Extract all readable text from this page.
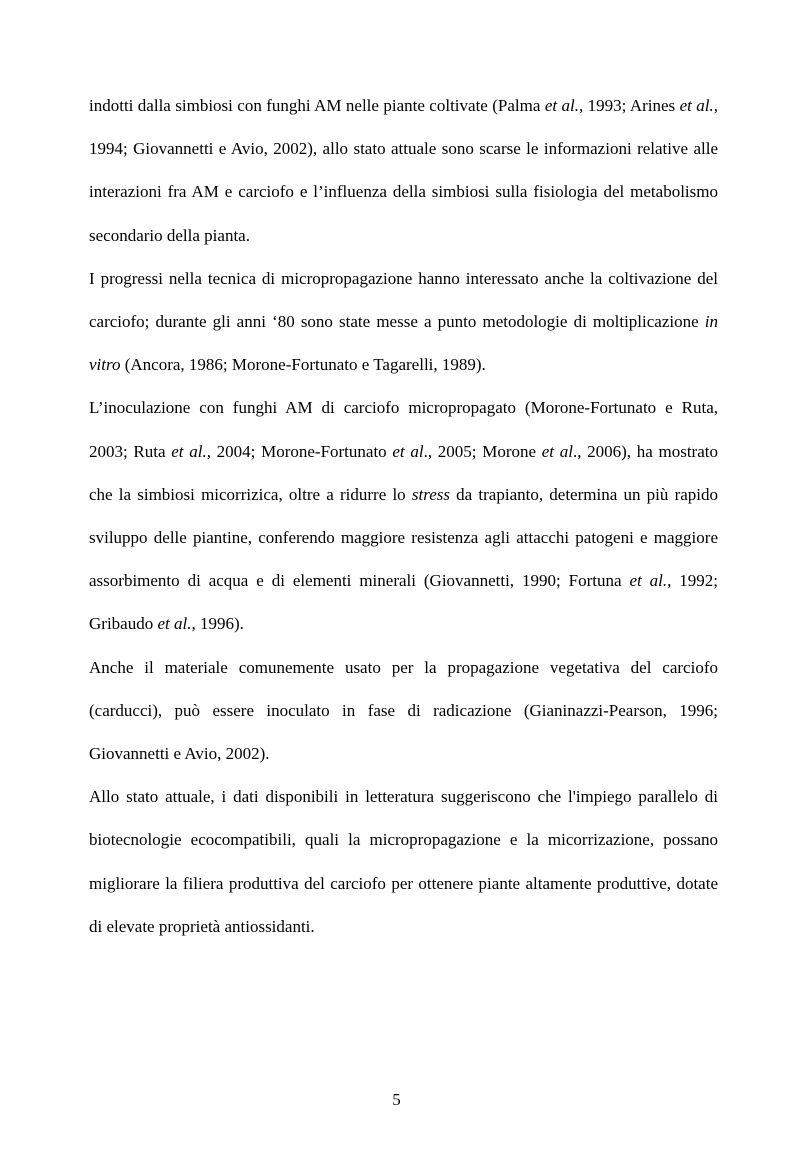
indotti dalla simbiosi con funghi AM nelle piante coltivate (Palma et al., 1993; Arines et al., 1994; Giovannetti e Avio, 2002), allo stato attuale sono scarse le informazioni relative alle interazioni fra AM e carciofo e l’influenza della simbiosi sulla fisiologia del metabolismo secondario della pianta.

I progressi nella tecnica di micropropagazione hanno interessato anche la coltivazione del carciofo; durante gli anni ‘80 sono state messe a punto metodologie di moltiplicazione in vitro (Ancora, 1986; Morone-Fortunato e Tagarelli, 1989).

L’inoculazione con funghi AM di carciofo micropropagato (Morone-Fortunato e Ruta, 2003; Ruta et al., 2004; Morone-Fortunato et al., 2005; Morone et al., 2006), ha mostrato che la simbiosi micorrizica, oltre a ridurre lo stress da trapianto, determina un più rapido sviluppo delle piantine, conferendo maggiore resistenza agli attacchi patogeni e maggiore assorbimento di acqua e di elementi minerali (Giovannetti, 1990; Fortuna et al., 1992; Gribaudo et al., 1996).

Anche il materiale comunemente usato per la propagazione vegetativa del carciofo (carducci), può essere inoculato in fase di radicazione (Gianinazzi-Pearson, 1996; Giovannetti e Avio, 2002).

Allo stato attuale, i dati disponibili in letteratura suggeriscono che l'impiego parallelo di biotecnologie ecocompatibili, quali la micropropagazione e la micorrizazione, possano migliorare la filiera produttiva del carciofo per ottenere piante altamente produttive, dotate di elevate proprietà antiossidanti.

5
